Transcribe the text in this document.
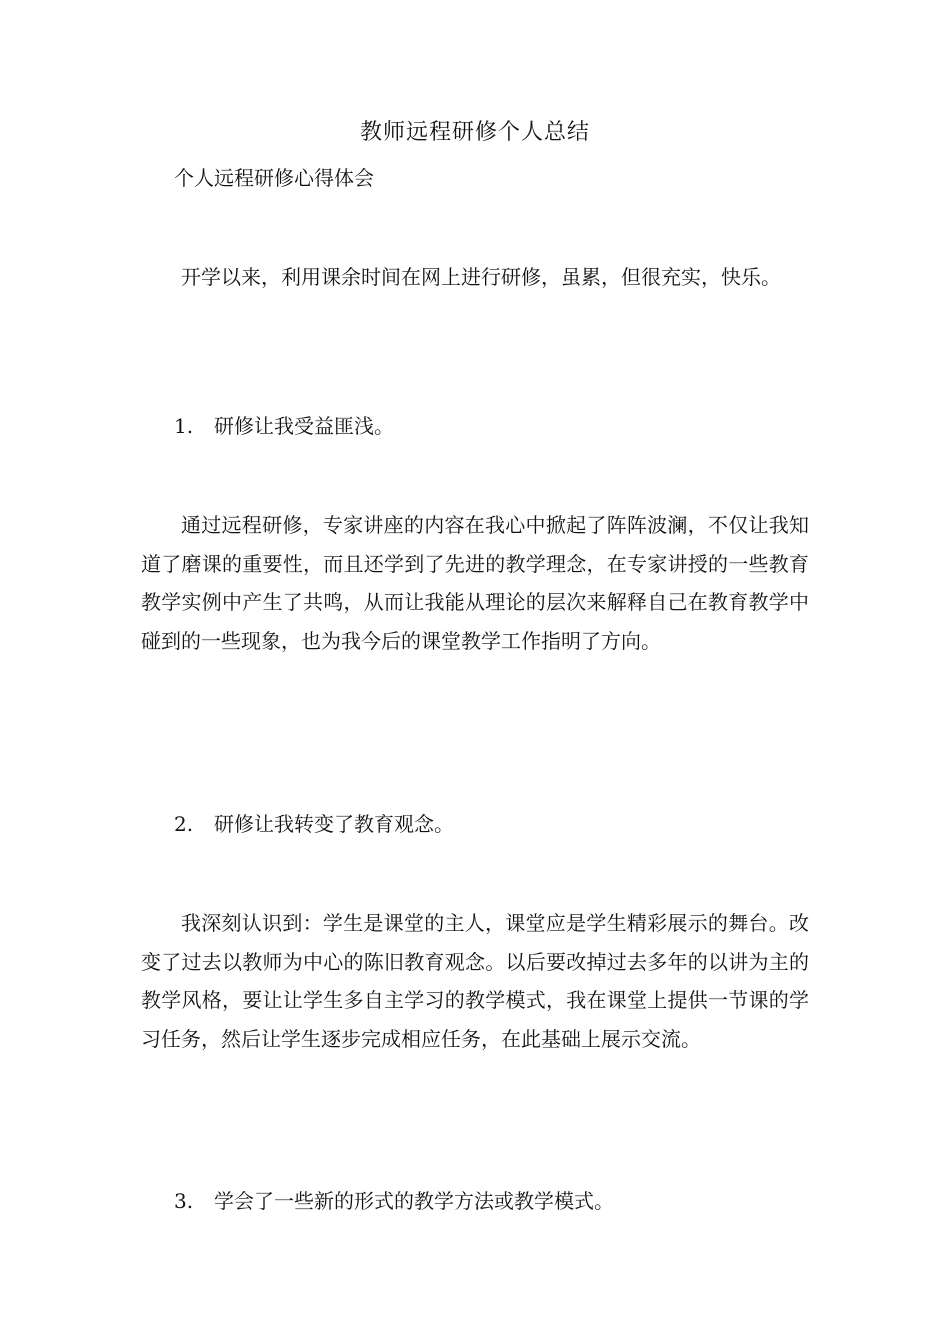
教师远程研修个人总结
个人远程研修心得体会

开学以来，利用课余时间在网上进行研修，虽累，但很充实，快乐。

1. 研修让我受益匪浅。

通过远程研修，专家讲座的内容在我心中掀起了阵阵波澜，不仅让我知道了磨课的重要性，而且还学到了先进的教学理念，在专家讲授的一些教育教学实例中产生了共鸣，从而让我能从理论的层次来解释自己在教育教学中碰到的一些现象，也为我今后的课堂教学工作指明了方向。

2. 研修让我转变了教育观念。

我深刻认识到：学生是课堂的主人，课堂应是学生精彩展示的舞台。改变了过去以教师为中心的陈旧教育观念。以后要改掉过去多年的以讲为主的教学风格，要让让学生多自主学习的教学模式，我在课堂上提供一节课的学习任务，然后让学生逐步完成相应任务，在此基础上展示交流。

3. 学会了一些新的形式的教学方法或教学模式。
